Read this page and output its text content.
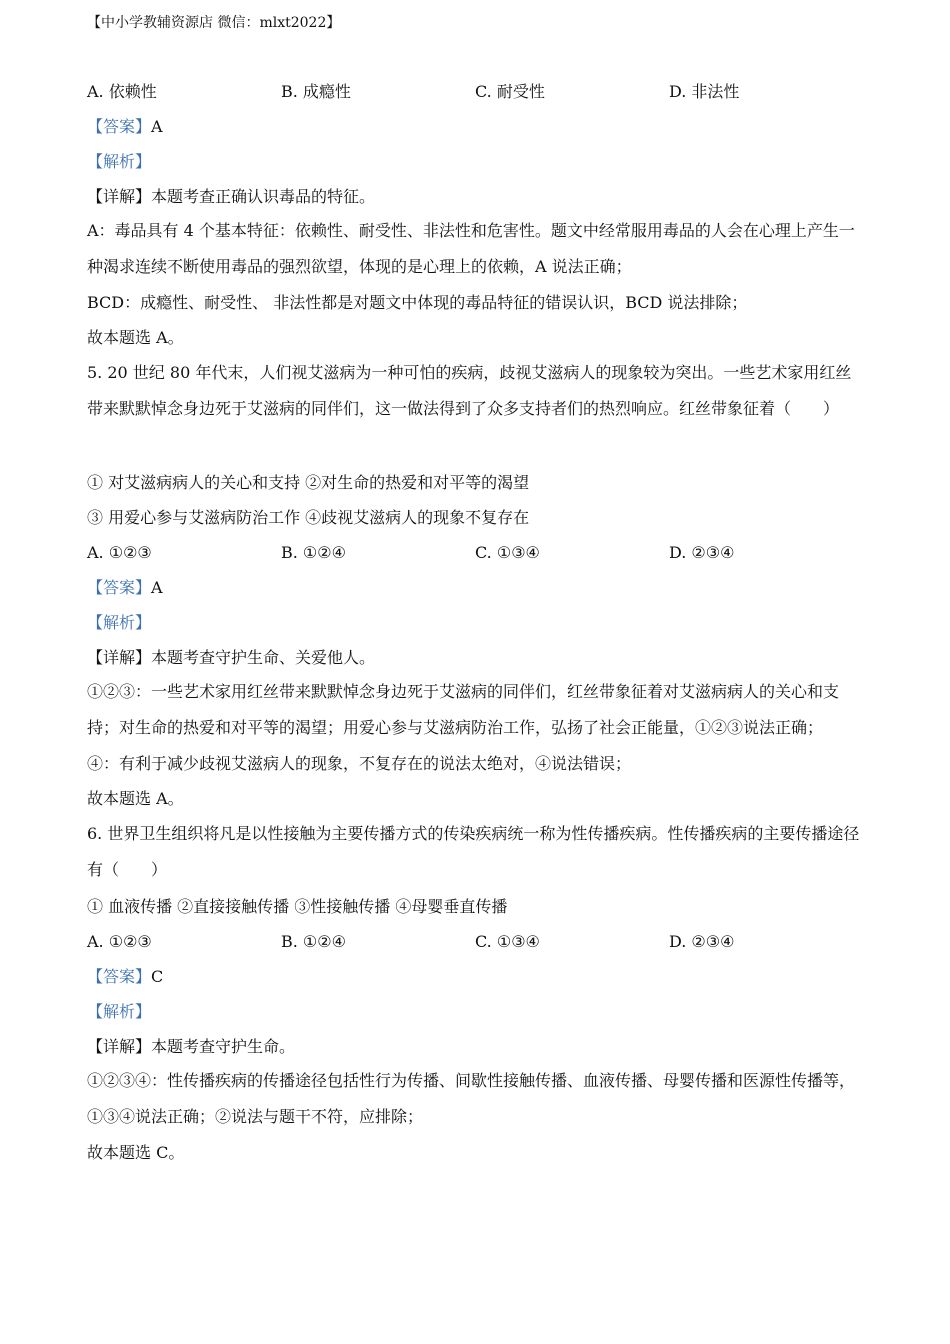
【中小学教辅资源店 微信：mlxt2022】
A. 依赖性	B. 成瘾性	C. 耐受性	D. 非法性
【答案】A
【解析】
【详解】本题考查正确认识毒品的特征。
A：毒品具有 4 个基本特征：依赖性、耐受性、非法性和危害性。题文中经常服用毒品的人会在心理上产生一种渴求连续不断使用毒品的强烈欲望，体现的是心理上的依赖，A 说法正确；
BCD：成瘾性、耐受性、 非法性都是对题文中体现的毒品特征的错误认识，BCD 说法排除；
故本题选 A。
5. 20 世纪 80 年代末，人们视艾滋病为一种可怕的疾病，歧视艾滋病人的现象较为突出。一些艺术家用红丝带来默默悼念身边死于艾滋病的同伴们，这一做法得到了众多支持者们的热烈响应。红丝带象征着（　　）
① 对艾滋病病人的关心和支持 ②对生命的热爱和对平等的渴望
③ 用爱心参与艾滋病防治工作 ④歧视艾滋病人的现象不复存在
A. ①②③	B. ①②④	C. ①③④	D. ②③④
【答案】A
【解析】
【详解】本题考查守护生命、关爱他人。
①②③：一些艺术家用红丝带来默默悼念身边死于艾滋病的同伴们，红丝带象征着对艾滋病病人的关心和支持；对生命的热爱和对平等的渴望；用爱心参与艾滋病防治工作，弘扬了社会正能量，①②③说法正确；
④：有利于减少歧视艾滋病人的现象，不复存在的说法太绝对，④说法错误；
故本题选 A。
6. 世界卫生组织将凡是以性接触为主要传播方式的传染疾病统一称为性传播疾病。性传播疾病的主要传播途径有（　　）
① 血液传播 ②直接接触传播 ③性接触传播 ④母婴垂直传播
A. ①②③	B. ①②④	C. ①③④	D. ②③④
【答案】C
【解析】
【详解】本题考查守护生命。
①②③④：性传播疾病的传播途径包括性行为传播、间歇性接触传播、血液传播、母婴传播和医源性传播等，①③④说法正确；②说法与题干不符，应排除；
故本题选 C。
